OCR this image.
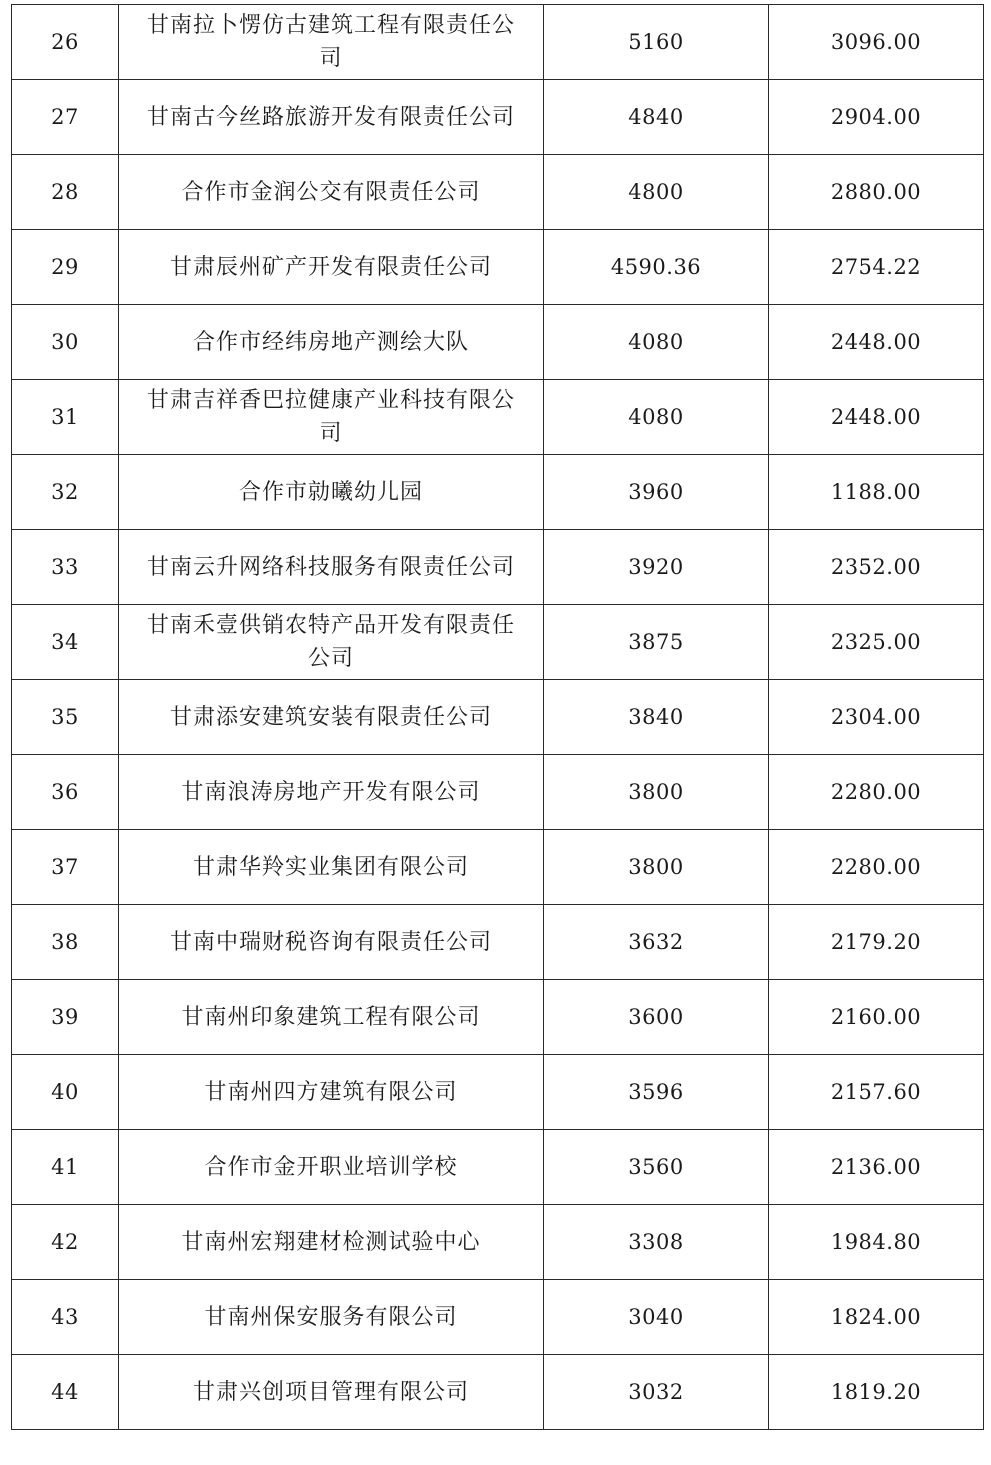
26	甘南拉卜愣仿古建筑工程有限责任公司	5160	3096.00
27	甘南古今丝路旅游开发有限责任公司	4840	2904.00
28	合作市金润公交有限责任公司	4800	2880.00
29	甘肃辰州矿产开发有限责任公司	4590.36	2754.22
30	合作市经纬房地产测绘大队	4080	2448.00
31	甘肃吉祥香巴拉健康产业科技有限公司	4080	2448.00
32	合作市勍曦幼儿园	3960	1188.00
33	甘南云升网络科技服务有限责任公司	3920	2352.00
34	甘南禾壹供销农特产品开发有限责任公司	3875	2325.00
35	甘肃添安建筑安装有限责任公司	3840	2304.00
36	甘南浪涛房地产开发有限公司	3800	2280.00
37	甘肃华羚实业集团有限公司	3800	2280.00
38	甘南中瑞财税咨询有限责任公司	3632	2179.20
39	甘南州印象建筑工程有限公司	3600	2160.00
40	甘南州四方建筑有限公司	3596	2157.60
41	合作市金开职业培训学校	3560	2136.00
42	甘南州宏翔建材检测试验中心	3308	1984.80
43	甘南州保安服务有限公司	3040	1824.00
44	甘肃兴创项目管理有限公司	3032	1819.20
